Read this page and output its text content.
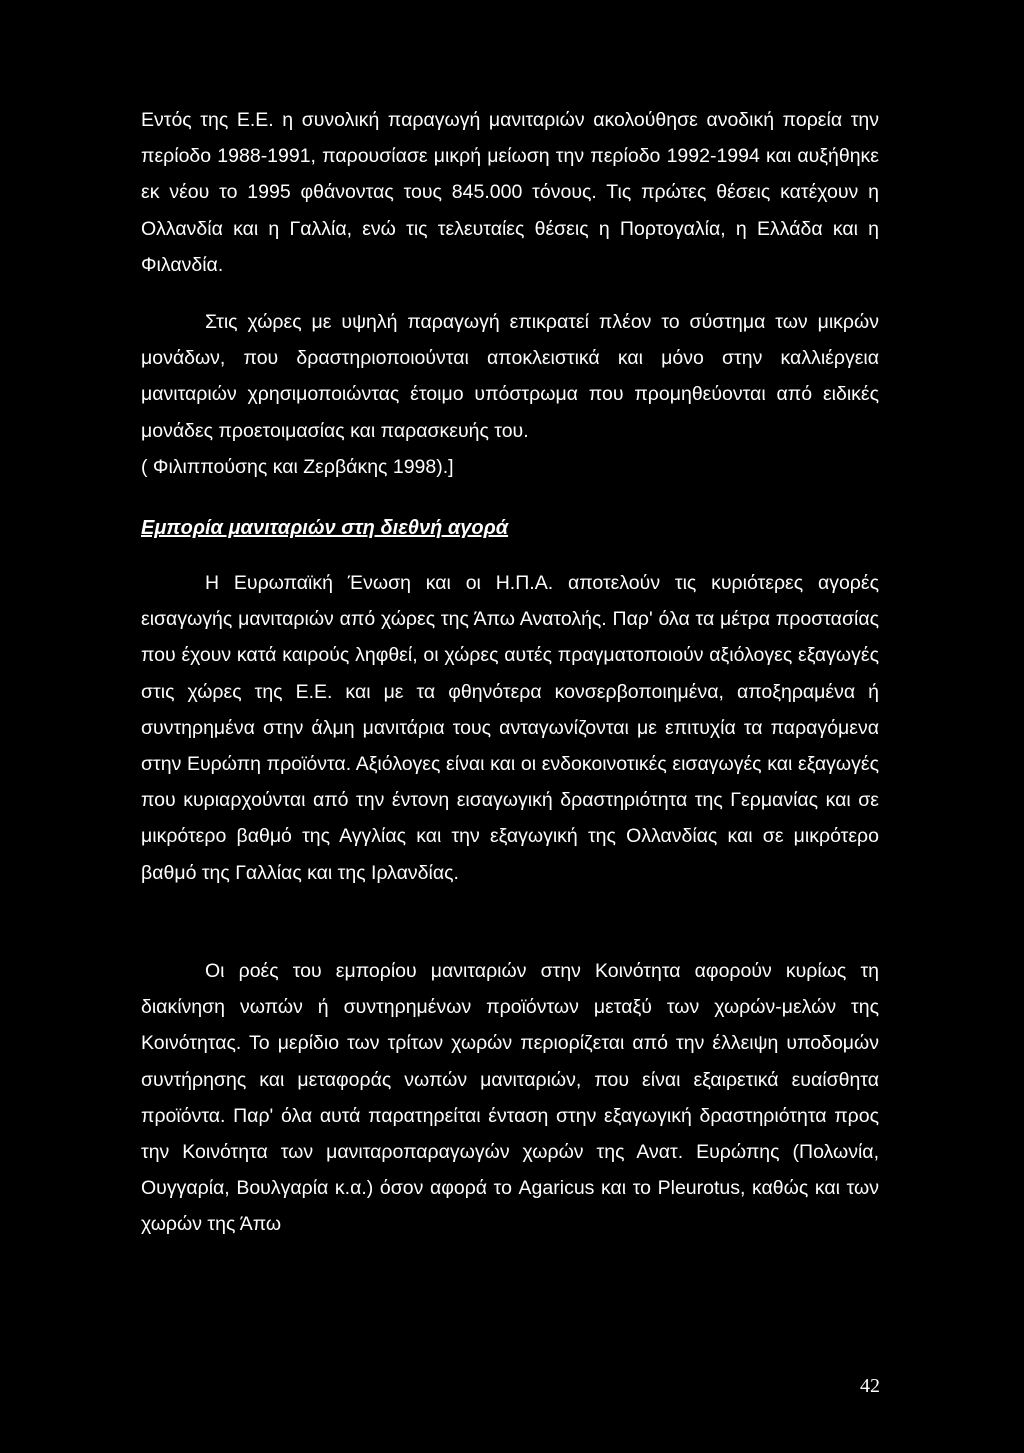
Εντός της Ε.Ε. η συνολική παραγωγή μανιταριών ακολούθησε ανοδική πορεία την περίοδο 1988-1991, παρουσίασε μικρή μείωση την περίοδο 1992-1994 και αυξήθηκε εκ νέου το 1995 φθάνοντας τους 845.000 τόνους. Τις πρώτες θέσεις κατέχουν η Ολλανδία και η Γαλλία, ενώ τις τελευταίες θέσεις η Πορτογαλία, η Ελλάδα και η Φιλανδία.

Στις χώρες με υψηλή παραγωγή επικρατεί πλέον το σύστημα των μικρών μονάδων, που δραστηριοποιούνται αποκλειστικά και μόνο στην καλλιέργεια μανιταριών χρησιμοποιώντας έτοιμο υπόστρωμα που προμηθεύονται από ειδικές μονάδες προετοιμασίας και παρασκευής του.
( Φιλιππούσης και Ζερβάκης 1998).]

Εμπορία μανιταριών στη διεθνή αγορά

Η Ευρωπαϊκή Ένωση και οι Η.Π.Α. αποτελούν τις κυριότερες αγορές εισαγωγής μανιταριών από χώρες της Άπω Ανατολής. Παρ' όλα τα μέτρα προστασίας που έχουν κατά καιρούς ληφθεί, οι χώρες αυτές πραγματοποιούν αξιόλογες εξαγωγές στις χώρες της Ε.Ε. και με τα φθηνότερα κονσερβοποιημένα, αποξηραμένα ή συντηρημένα στην άλμη μανιτάρια τους ανταγωνίζονται με επιτυχία τα παραγόμενα στην Ευρώπη προϊόντα. Αξιόλογες είναι και οι ενδοκοινοτικές εισαγωγές και εξαγωγές που κυριαρχούνται από την έντονη εισαγωγική δραστηριότητα της Γερμανίας και σε μικρότερο βαθμό της Αγγλίας και την εξαγωγική της Ολλανδίας και σε μικρότερο βαθμό της Γαλλίας και της Ιρλανδίας.

Οι ροές του εμπορίου μανιταριών στην Κοινότητα αφορούν κυρίως τη διακίνηση νωπών ή συντηρημένων προϊόντων μεταξύ των χωρών-μελών της Κοινότητας. Το μερίδιο των τρίτων χωρών περιορίζεται από την έλλειψη υποδομών συντήρησης και μεταφοράς νωπών μανιταριών, που είναι εξαιρετικά ευαίσθητα προϊόντα. Παρ' όλα αυτά παρατηρείται ένταση στην εξαγωγική δραστηριότητα προς την Κοινότητα των μανιταροπαραγωγών χωρών της Ανατ. Ευρώπης (Πολωνία, Ουγγαρία, Βουλγαρία κ.α.) όσον αφορά το Agaricus και το Pleurotus, καθώς και των χωρών της Άπω

42
